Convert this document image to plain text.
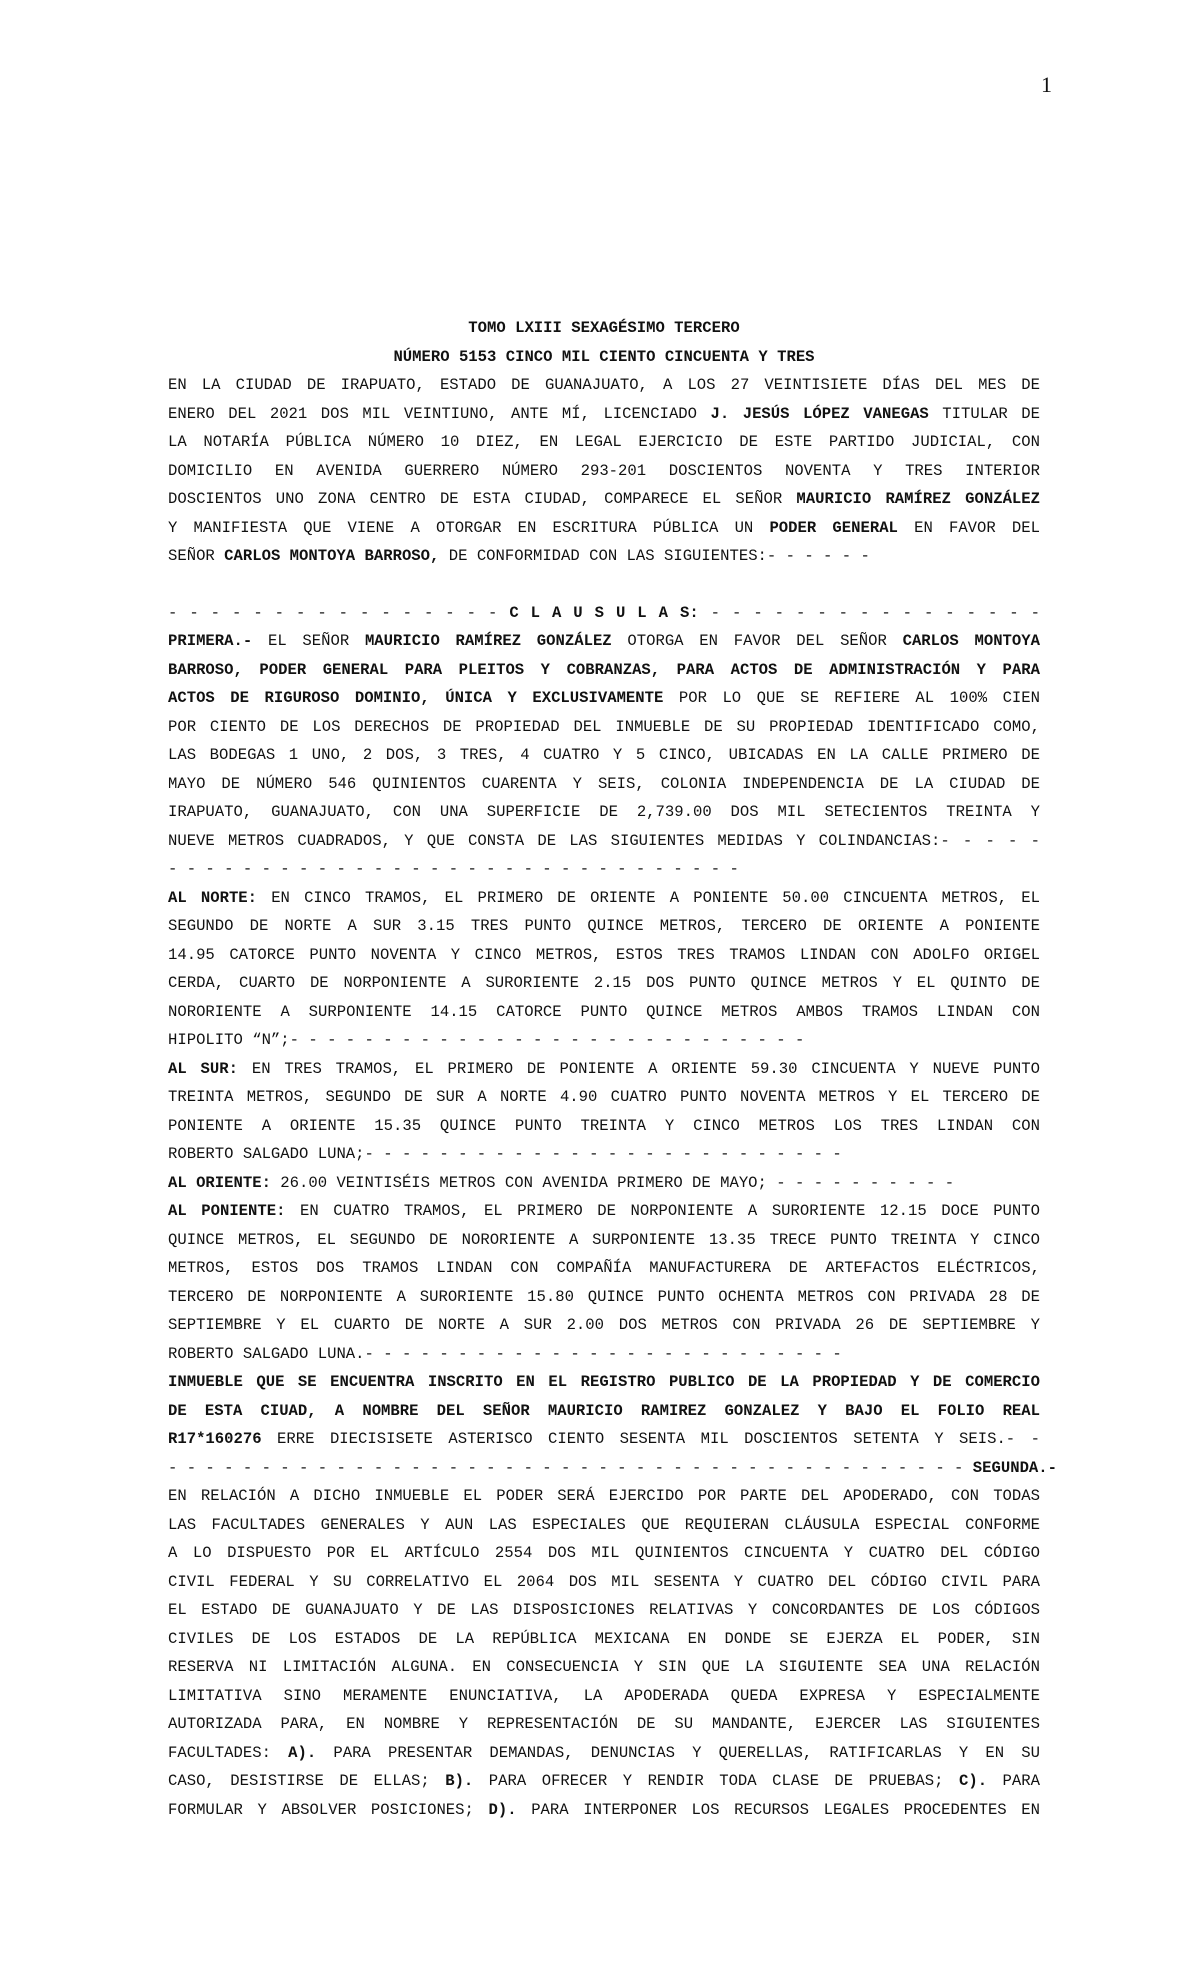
1
TOMO LXIII SEXAGÉSIMO TERCERO
NÚMERO 5153 CINCO MIL CIENTO CINCUENTA Y TRES
EN LA CIUDAD DE IRAPUATO, ESTADO DE GUANAJUATO, A LOS 27 VEINTISIETE DÍAS DEL MES DE
ENERO DEL 2021 DOS MIL VEINTIUNO, ANTE MÍ, LICENCIADO J. JESÚS LÓPEZ VANEGAS TITULAR DE
LA NOTARÍA PÚBLICA NÚMERO 10 DIEZ, EN LEGAL EJERCICIO DE ESTE PARTIDO JUDICIAL, CON
DOMICILIO EN AVENIDA GUERRERO NÚMERO 293-201 DOSCIENTOS NOVENTA Y TRES INTERIOR
DOSCIENTOS UNO ZONA CENTRO DE ESTA CIUDAD, COMPARECE EL SEÑOR MAURICIO RAMÍREZ GONZÁLEZ
Y MANIFIESTA QUE VIENE A OTORGAR EN ESCRITURA PÚBLICA UN PODER GENERAL EN FAVOR DEL
SEÑOR CARLOS MONTOYA BARROSO, DE CONFORMIDAD CON LAS SIGUIENTES:- - - - - -
- - - - - - - - - - - - - - - - C L A U S U L A S: - - - - - - - - - - - - - - - -
PRIMERA.- EL SEÑOR MAURICIO RAMÍREZ GONZÁLEZ OTORGA EN FAVOR DEL SEÑOR CARLOS MONTOYA
BARROSO, PODER GENERAL PARA PLEITOS Y COBRANZAS, PARA ACTOS DE ADMINISTRACIÓN Y PARA
ACTOS DE RIGUROSO DOMINIO, ÚNICA Y EXCLUSIVAMENTE POR LO QUE SE REFIERE AL 100% CIEN
POR CIENTO DE LOS DERECHOS DE PROPIEDAD DEL INMUEBLE DE SU PROPIEDAD IDENTIFICADO COMO,
LAS BODEGAS 1 UNO, 2 DOS, 3 TRES, 4 CUATRO Y 5 CINCO, UBICADAS EN LA CALLE PRIMERO DE
MAYO DE NÚMERO 546 QUINIENTOS CUARENTA Y SEIS, COLONIA INDEPENDENCIA DE LA CIUDAD DE
IRAPUATO, GUANAJUATO, CON UNA SUPERFICIE DE 2,739.00 DOS MIL SETECIENTOS TREINTA Y
NUEVE METROS CUADRADOS, Y QUE CONSTA DE LAS SIGUIENTES MEDIDAS Y COLINDANCIAS:- - - - -
- - - - - - - - - - - - - - - - - - - - - - - - - - - - - - -
AL NORTE: EN CINCO TRAMOS, EL PRIMERO DE ORIENTE A PONIENTE 50.00 CINCUENTA METROS, EL
SEGUNDO DE NORTE A SUR 3.15 TRES PUNTO QUINCE METROS, TERCERO DE ORIENTE A PONIENTE
14.95 CATORCE PUNTO NOVENTA Y CINCO METROS, ESTOS TRES TRAMOS LINDAN CON ADOLFO ORIGEL
CERDA, CUARTO DE NORPONIENTE A SURORIENTE 2.15 DOS PUNTO QUINCE METROS Y EL QUINTO DE
NORORIENTE A SURPONIENTE 14.15 CATORCE PUNTO QUINCE METROS AMBOS TRAMOS LINDAN CON
HIPOLITO “N”;- - - - - - - - - - - - - - - - - - - - - - - - - - - -
AL SUR: EN TRES TRAMOS, EL PRIMERO DE PONIENTE A ORIENTE 59.30 CINCUENTA Y NUEVE PUNTO
TREINTA METROS, SEGUNDO DE SUR A NORTE 4.90 CUATRO PUNTO NOVENTA METROS Y EL TERCERO DE
PONIENTE A ORIENTE 15.35 QUINCE PUNTO TREINTA Y CINCO METROS LOS TRES LINDAN CON
ROBERTO SALGADO LUNA;- - - - - - - - - - - - - - - - - - - - - - - - - -
AL ORIENTE: 26.00 VEINTISÉIS METROS CON AVENIDA PRIMERO DE MAYO; - - - - - - - - - -
AL PONIENTE: EN CUATRO TRAMOS, EL PRIMERO DE NORPONIENTE A SURORIENTE 12.15 DOCE PUNTO
QUINCE METROS, EL SEGUNDO DE NORORIENTE A SURPONIENTE 13.35 TRECE PUNTO TREINTA Y CINCO
METROS, ESTOS DOS TRAMOS LINDAN CON COMPAÑÍA MANUFACTURERA DE ARTEFACTOS ELÉCTRICOS,
TERCERO DE NORPONIENTE A SURORIENTE 15.80 QUINCE PUNTO OCHENTA METROS CON PRIVADA 28 DE
SEPTIEMBRE Y EL CUARTO DE NORTE A SUR 2.00 DOS METROS CON PRIVADA 26 DE SEPTIEMBRE Y
ROBERTO SALGADO LUNA.- - - - - - - - - - - - - - - - - - - - - - - - - -
INMUEBLE QUE SE ENCUENTRA INSCRITO EN EL REGISTRO PUBLICO DE LA PROPIEDAD Y DE COMERCIO
DE ESTA CIUAD, A NOMBRE DEL SEÑOR MAURICIO RAMIREZ GONZALEZ Y BAJO EL FOLIO REAL
R17*160276 ERRE DIECISISETE ASTERISCO CIENTO SESENTA MIL DOSCIENTOS SETENTA Y SEIS.- -
- - - - - - - - - - - - - - - - - - - - - - - - - - - - - - - - - - - - - - - - - - - SEGUNDA.-
EN RELACIÓN A DICHO INMUEBLE EL PODER SERÁ EJERCIDO POR PARTE DEL APODERADO, CON TODAS
LAS FACULTADES GENERALES Y AUN LAS ESPECIALES QUE REQUIERAN CLÁUSULA ESPECIAL CONFORME
A LO DISPUESTO POR EL ARTÍCULO 2554 DOS MIL QUINIENTOS CINCUENTA Y CUATRO DEL CÓDIGO
CIVIL FEDERAL Y SU CORRELATIVO EL 2064 DOS MIL SESENTA Y CUATRO DEL CÓDIGO CIVIL PARA
EL ESTADO DE GUANAJUATO Y DE LAS DISPOSICIONES RELATIVAS Y CONCORDANTES DE LOS CÓDIGOS
CIVILES DE LOS ESTADOS DE LA REPÚBLICA MEXICANA EN DONDE SE EJERZA EL PODER, SIN
RESERVA NI LIMITACIÓN ALGUNA. EN CONSECUENCIA Y SIN QUE LA SIGUIENTE SEA UNA RELACIÓN
LIMITATIVA SINO MERAMENTE ENUNCIATIVA, LA APODERADA QUEDA EXPRESA Y ESPECIALMENTE
AUTORIZADA PARA, EN NOMBRE Y REPRESENTACIÓN DE SU MANDANTE, EJERCER LAS SIGUIENTES
FACULTADES: A). PARA PRESENTAR DEMANDAS, DENUNCIAS Y QUERELLAS, RATIFICARLAS Y EN SU
CASO, DESISTIRSE DE ELLAS; B). PARA OFRECER Y RENDIR TODA CLASE DE PRUEBAS; C). PARA
FORMULAR Y ABSOLVER POSICIONES; D). PARA INTERPONER LOS RECURSOS LEGALES PROCEDENTES EN
